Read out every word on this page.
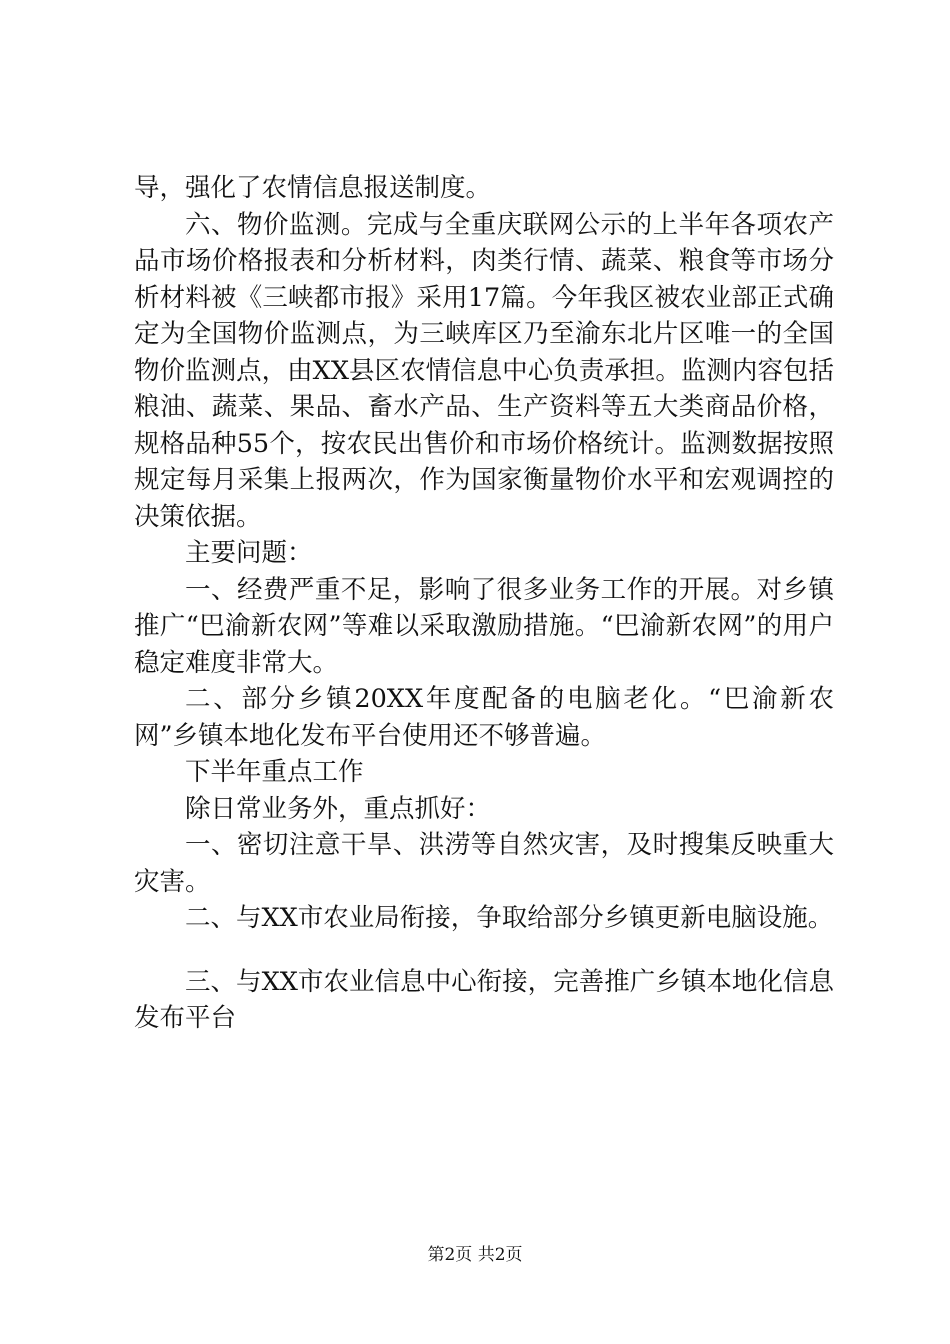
导，强化了农情信息报送制度。

六、物价监测。完成与全重庆联网公示的上半年各项农产品市场价格报表和分析材料，肉类行情、蔬菜、粮食等市场分析材料被《三峡都市报》采用17篇。今年我区被农业部正式确定为全国物价监测点，为三峡库区乃至渝东北片区唯一的全国物价监测点，由XX县区农情信息中心负责承担。监测内容包括粮油、蔬菜、果品、畜水产品、生产资料等五大类商品价格，规格品种55个，按农民出售价和市场价格统计。监测数据按照规定每月采集上报两次，作为国家衡量物价水平和宏观调控的决策依据。

主要问题：

一、经费严重不足，影响了很多业务工作的开展。对乡镇推广“巴渝新农网”等难以采取激励措施。“巴渝新农网”的用户稳定难度非常大。

二、部分乡镇20XX年度配备的电脑老化。“巴渝新农网”乡镇本地化发布平台使用还不够普遍。

下半年重点工作

除日常业务外，重点抓好：

一、密切注意干旱、洪涝等自然灾害，及时搜集反映重大灾害。

二、与XX市农业局衔接，争取给部分乡镇更新电脑设施。

三、与XX市农业信息中心衔接，完善推广乡镇本地化信息发布平台

第2页 共2页
